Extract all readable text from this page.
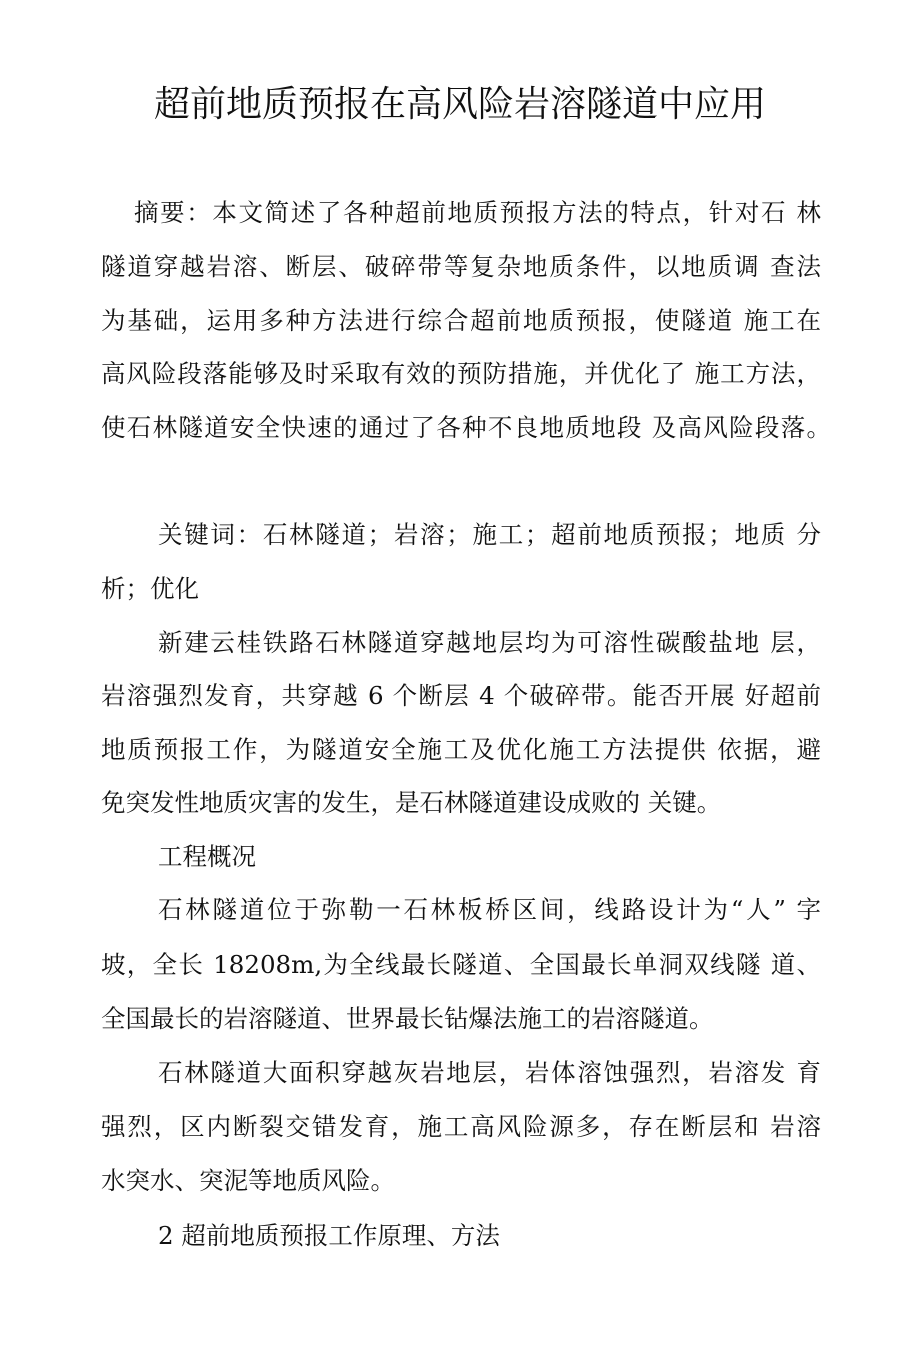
超前地质预报在高风险岩溶隧道中应用
摘要：本文简述了各种超前地质预报方法的特点，针对石 林
隧道穿越岩溶、断层、破碎带等复杂地质条件，以地质调 查法
为基础，运用多种方法进行综合超前地质预报，使隧道 施工在
高风险段落能够及时采取有效的预防措施，并优化了 施工方法，
使石林隧道安全快速的通过了各种不良地质地段 及高风险段落。
关键词：石林隧道；岩溶；施工；超前地质预报；地质 分
析；优化
新建云桂铁路石林隧道穿越地层均为可溶性碳酸盐地 层，
岩溶强烈发育，共穿越 6 个断层 4 个破碎带。能否开展 好超前
地质预报工作，为隧道安全施工及优化施工方法提供 依据，避
免突发性地质灾害的发生，是石林隧道建设成败的 关键。
工程概况
石林隧道位于弥勒一石林板桥区间，线路设计为“人” 字
坡，全长 18208m,为全线最长隧道、全国最长单洞双线隧 道、
全国最长的岩溶隧道、世界最长钻爆法施工的岩溶隧道。
石林隧道大面积穿越灰岩地层，岩体溶蚀强烈，岩溶发 育
强烈，区内断裂交错发育，施工高风险源多，存在断层和 岩溶
水突水、突泥等地质风险。
2 超前地质预报工作原理、方法
